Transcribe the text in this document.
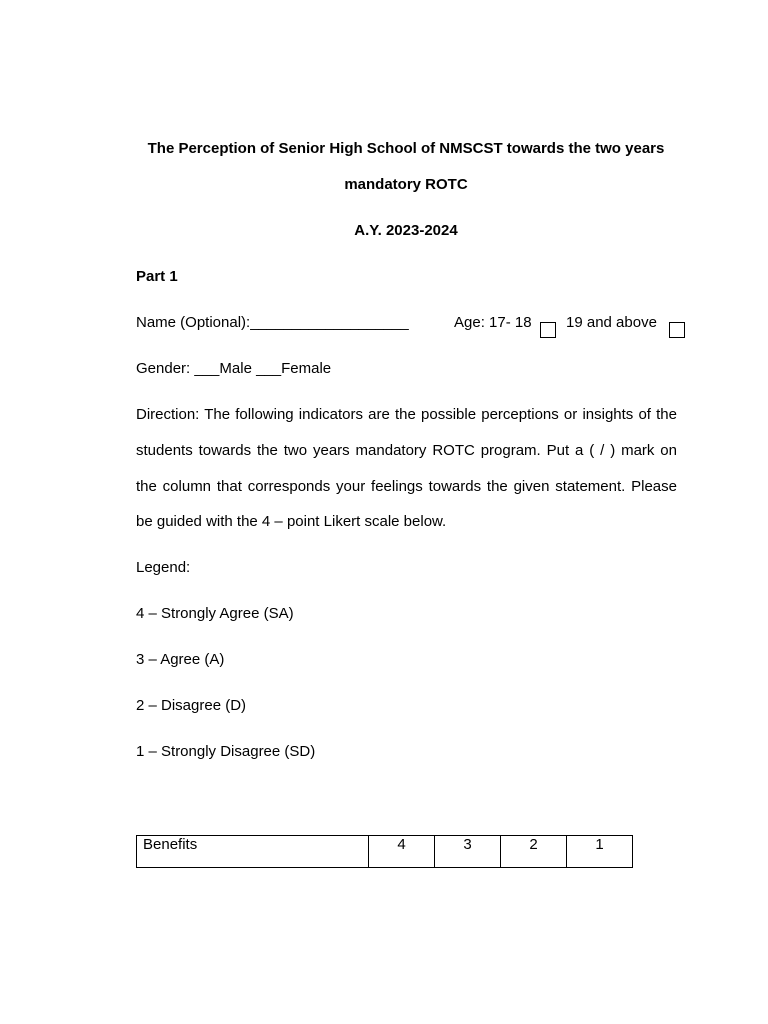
The Perception of Senior High School of NMSCST towards the two years
mandatory ROTC
A.Y. 2023-2024
Part 1
Name (Optional):___________________	Age: 17- 18 19 and above
Gender: ___Male ___Female
Direction: The following indicators are the possible perceptions or insights of the
students towards the two years mandatory ROTC program. Put a ( / ) mark on
the column that corresponds your feelings towards the given statement. Please
be guided with the 4 – point Likert scale below.
Legend:
4 – Strongly Agree (SA)
3 – Agree (A)
2 – Disagree (D)
1 – Strongly Disagree (SD)
Benefits	4	3	2	1
